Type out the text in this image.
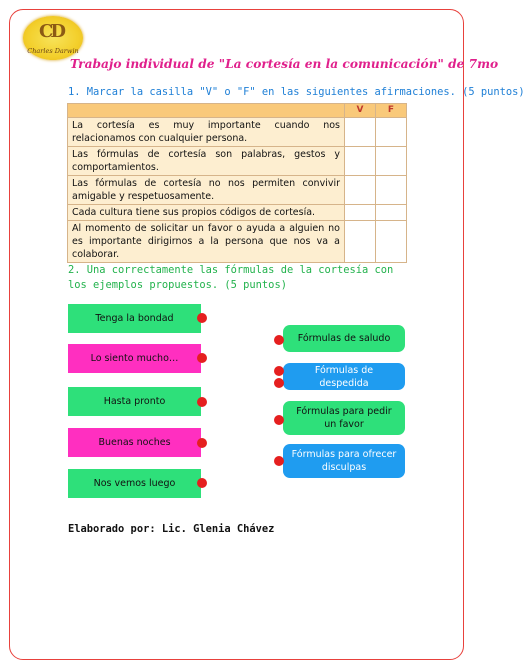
CD
Charles Darwin
Trabajo individual de "La cortesía en la comunicación" de 7mo
1. Marcar la casilla "V" o "F" en las siguientes afirmaciones. (5 puntos)
	V	F
La cortesía es muy importante cuando nos relacionamos con cualquier persona.		
Las fórmulas de cortesía son palabras, gestos y comportamientos.		
Las fórmulas de cortesía no nos permiten convivir amigable y respetuosamente.		
Cada cultura tiene sus propios códigos de cortesía.		
Al momento de solicitar un favor o ayuda a alguien no es importante dirigirnos a la persona que nos va a colaborar.		
2. Una correctamente las fórmulas de la cortesía con los ejemplos propuestos. (5 puntos)
Tenga la bondad
Lo siento mucho…
Hasta pronto
Buenas noches
Nos vemos luego
Fórmulas de saludo
Fórmulas de despedida
Fórmulas para pedir un favor
Fórmulas para ofrecer disculpas
Elaborado por: Lic. Glenia Chávez
